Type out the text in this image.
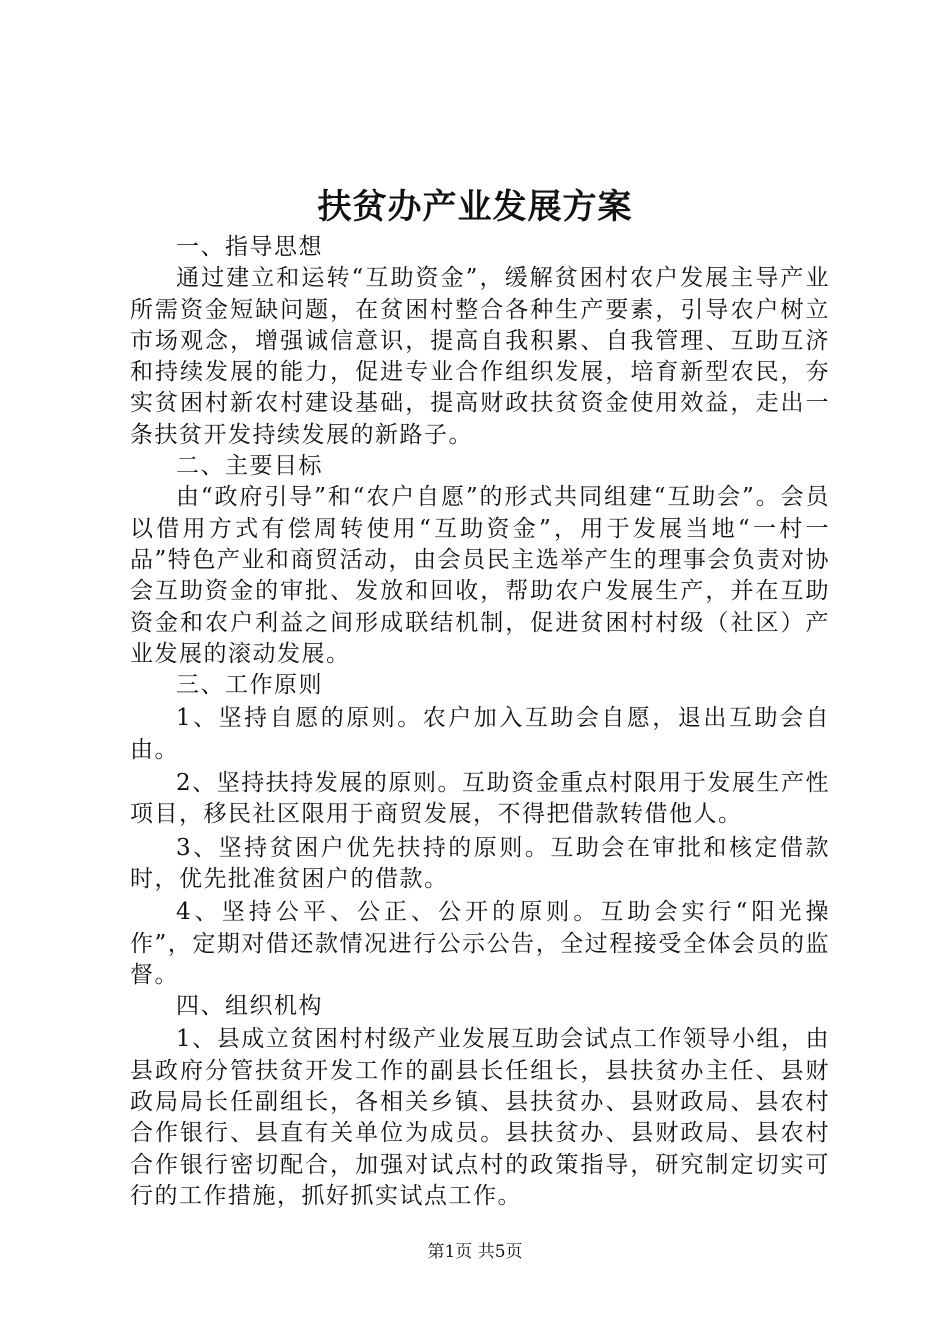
扶贫办产业发展方案

一、指导思想

通过建立和运转“互助资金”，缓解贫困村农户发展主导产业所需资金短缺问题，在贫困村整合各种生产要素，引导农户树立市场观念，增强诚信意识，提高自我积累、自我管理、互助互济和持续发展的能力，促进专业合作组织发展，培育新型农民，夯实贫困村新农村建设基础，提高财政扶贫资金使用效益，走出一条扶贫开发持续发展的新路子。

二、主要目标

由“政府引导”和“农户自愿”的形式共同组建“互助会”。会员以借用方式有偿周转使用“互助资金”，用于发展当地“一村一品”特色产业和商贸活动，由会员民主选举产生的理事会负责对协会互助资金的审批、发放和回收，帮助农户发展生产，并在互助资金和农户利益之间形成联结机制，促进贫困村村级（社区）产业发展的滚动发展。

三、工作原则

1、坚持自愿的原则。农户加入互助会自愿，退出互助会自由。

2、坚持扶持发展的原则。互助资金重点村限用于发展生产性项目，移民社区限用于商贸发展，不得把借款转借他人。

3、坚持贫困户优先扶持的原则。互助会在审批和核定借款时，优先批准贫困户的借款。

4、坚持公平、公正、公开的原则。互助会实行“阳光操作”，定期对借还款情况进行公示公告，全过程接受全体会员的监督。

四、组织机构

1、县成立贫困村村级产业发展互助会试点工作领导小组，由县政府分管扶贫开发工作的副县长任组长，县扶贫办主任、县财政局局长任副组长，各相关乡镇、县扶贫办、县财政局、县农村合作银行、县直有关单位为成员。县扶贫办、县财政局、县农村合作银行密切配合，加强对试点村的政策指导，研究制定切实可行的工作措施，抓好抓实试点工作。

第1页 共5页
